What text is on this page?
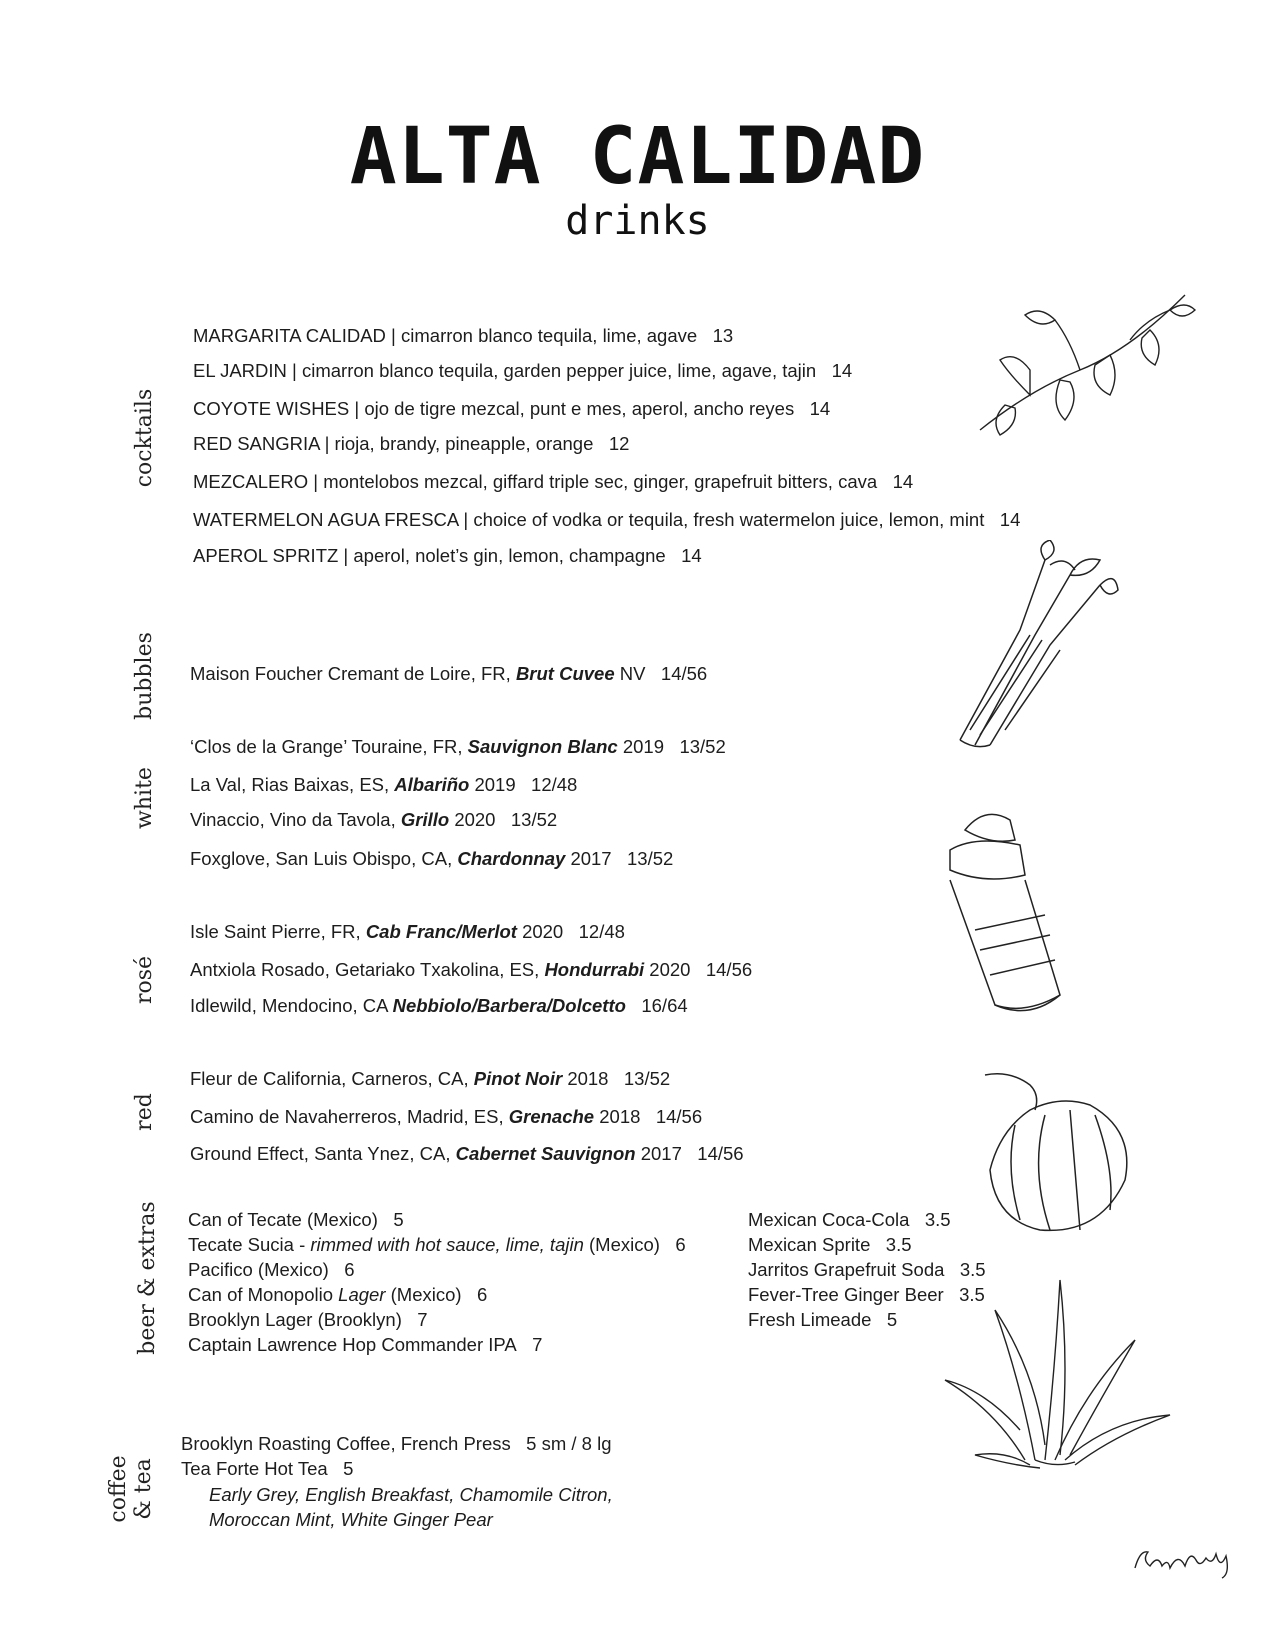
ALTA CALIDAD
drinks
cocktails
bubbles
white
rosé
red
beer & extras
coffee & tea
MARGARITA CALIDAD | cimarron blanco tequila, lime, agave 13
EL JARDIN | cimarron blanco tequila, garden pepper juice, lime, agave, tajin 14
COYOTE WISHES | ojo de tigre mezcal, punt e mes, aperol, ancho reyes 14
RED SANGRIA | rioja, brandy, pineapple, orange 12
MEZCALERO | montelobos mezcal, giffard triple sec, ginger, grapefruit bitters, cava 14
WATERMELON AGUA FRESCA | choice of vodka or tequila, fresh watermelon juice, lemon, mint 14
APEROL SPRITZ | aperol, nolet’s gin, lemon, champagne 14
Maison Foucher Cremant de Loire, FR, Brut Cuvee NV 14/56
‘Clos de la Grange’ Touraine, FR, Sauvignon Blanc 2019 13/52
La Val, Rias Baixas, ES, Albariño 2019 12/48
Vinaccio, Vino da Tavola, Grillo 2020 13/52
Foxglove, San Luis Obispo, CA, Chardonnay 2017 13/52
Isle Saint Pierre, FR, Cab Franc/Merlot 2020 12/48
Antxiola Rosado, Getariako Txakolina, ES, Hondurrabi 2020 14/56
Idlewild, Mendocino, CA Nebbiolo/Barbera/Dolcetto 16/64
Fleur de California, Carneros, CA, Pinot Noir 2018 13/52
Camino de Navaherreros, Madrid, ES, Grenache 2018 14/56
Ground Effect, Santa Ynez, CA, Cabernet Sauvignon 2017 14/56
Can of Tecate (Mexico) 5
Tecate Sucia - rimmed with hot sauce, lime, tajin (Mexico) 6
Pacifico (Mexico) 6
Can of Monopolio Lager (Mexico) 6
Brooklyn Lager (Brooklyn) 7
Captain Lawrence Hop Commander IPA 7
Mexican Coca-Cola 3.5
Mexican Sprite 3.5
Jarritos Grapefruit Soda 3.5
Fever-Tree Ginger Beer 3.5
Fresh Limeade 5
Brooklyn Roasting Coffee, French Press 5 sm / 8 lg
Tea Forte Hot Tea 5
Early Grey, English Breakfast, Chamomile Citron,
Moroccan Mint, White Ginger Pear
